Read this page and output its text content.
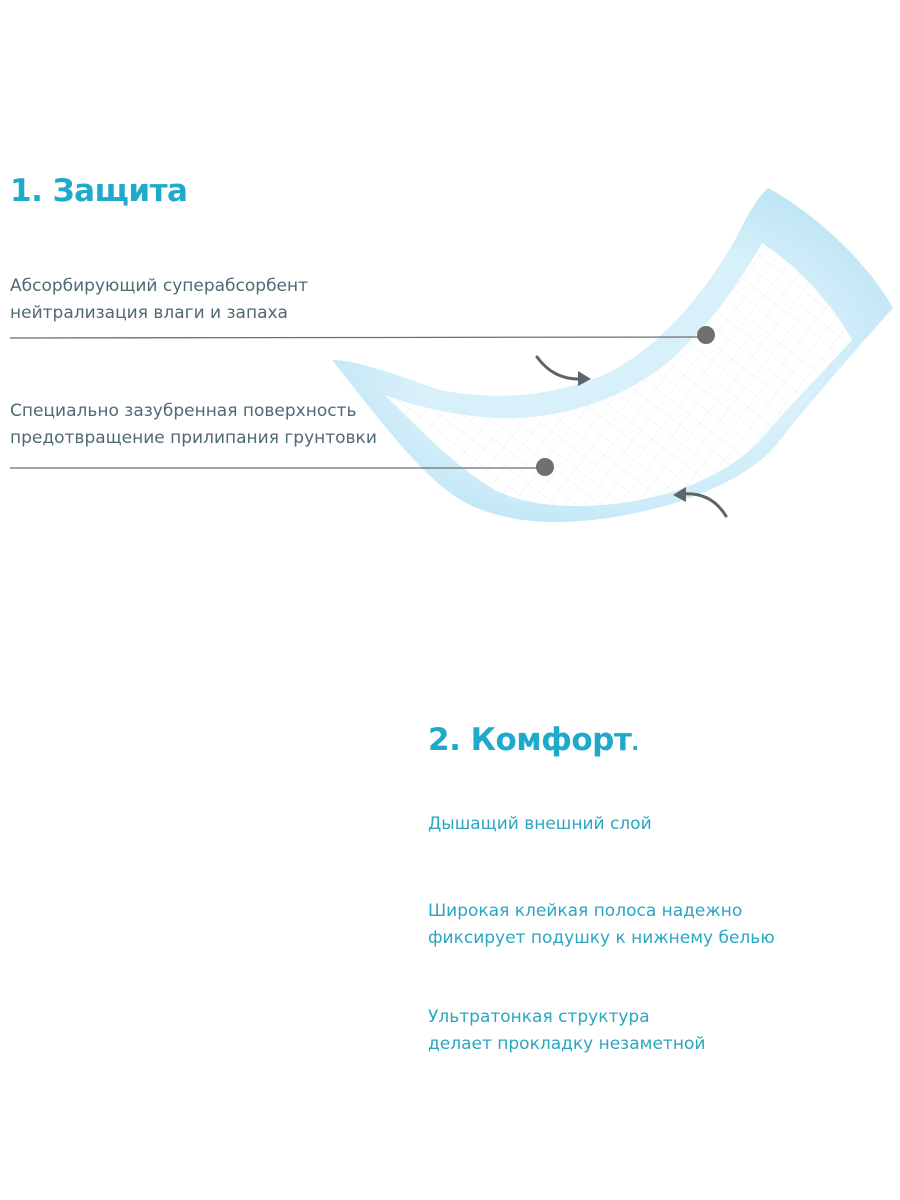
1. Защита

Абсорбирующий суперабсорбент

нейтрализация влаги и запаха

Специально зазубренная поверхность

предотвращение прилипания грунтовки

2. Комфорт.

Дышащий внешний слой

Широкая клейкая полоса надежно

фиксирует подушку к нижнему белью

Ультратонкая структура

делает прокладку незаметной
